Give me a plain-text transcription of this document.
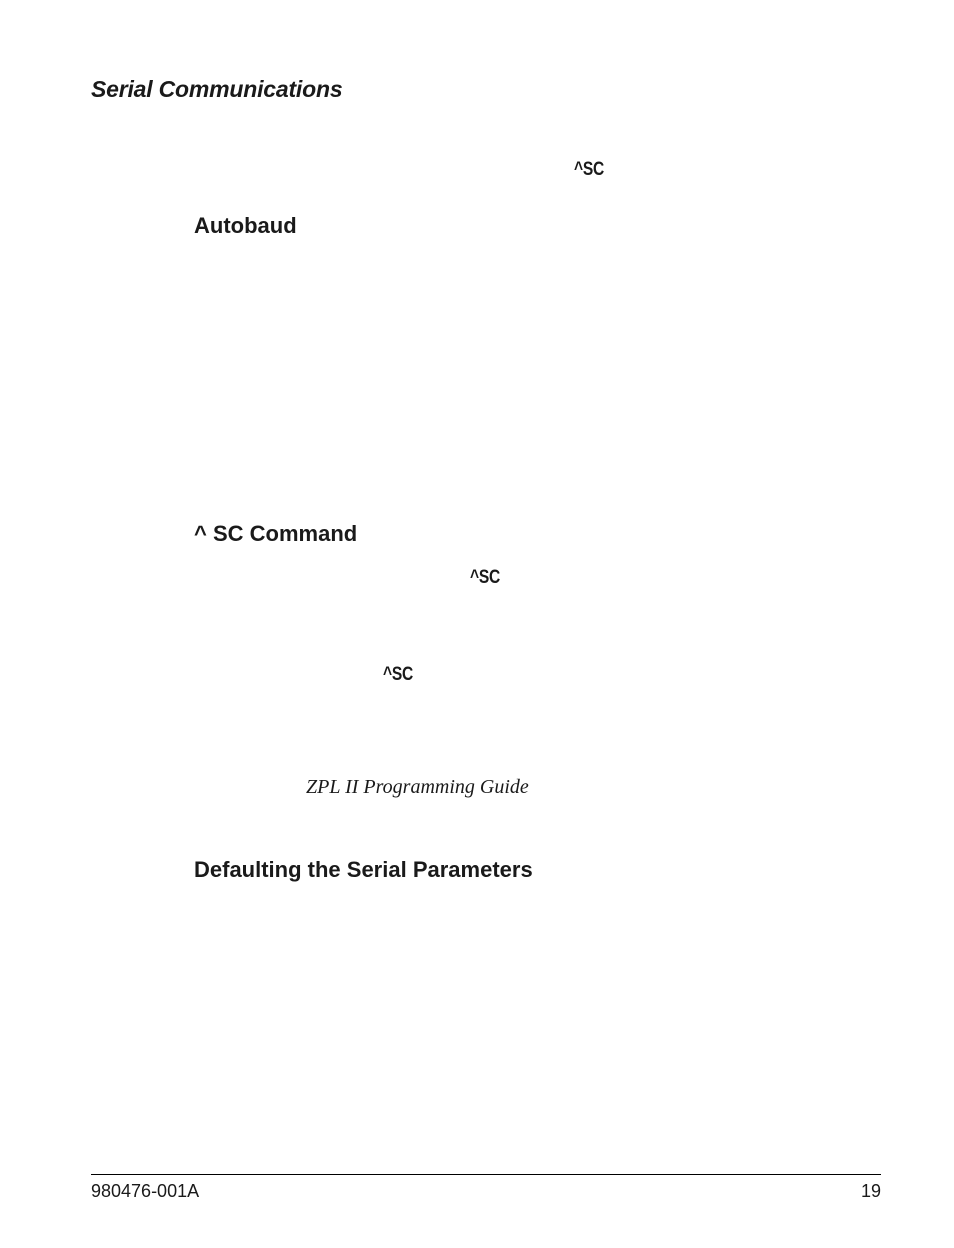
Serial Communications
^SC
Autobaud
^ SC Command
^SC
^SC
ZPL II Programming Guide
Defaulting the Serial Parameters
980476-001A	19
